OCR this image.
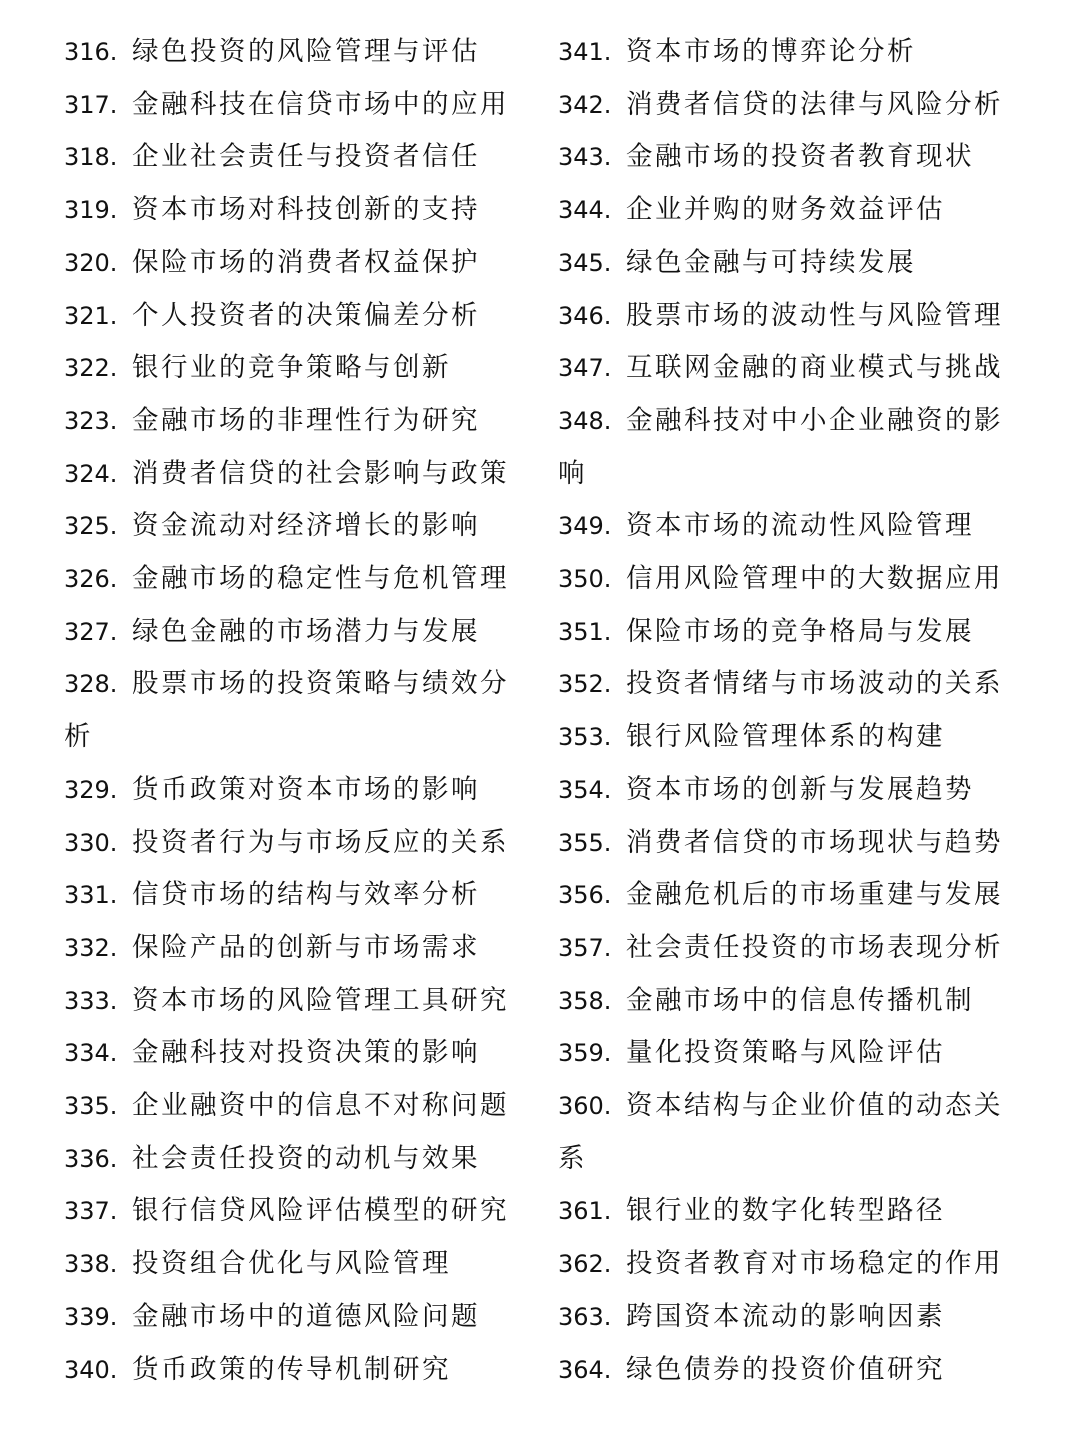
316. 绿色投资的风险管理与评估
317. 金融科技在信贷市场中的应用
318. 企业社会责任与投资者信任
319. 资本市场对科技创新的支持
320. 保险市场的消费者权益保护
321. 个人投资者的决策偏差分析
322. 银行业的竞争策略与创新
323. 金融市场的非理性行为研究
324. 消费者信贷的社会影响与政策
325. 资金流动对经济增长的影响
326. 金融市场的稳定性与危机管理
327. 绿色金融的市场潜力与发展
328. 股票市场的投资策略与绩效分析
329. 货币政策对资本市场的影响
330. 投资者行为与市场反应的关系
331. 信贷市场的结构与效率分析
332. 保险产品的创新与市场需求
333. 资本市场的风险管理工具研究
334. 金融科技对投资决策的影响
335. 企业融资中的信息不对称问题
336. 社会责任投资的动机与效果
337. 银行信贷风险评估模型的研究
338. 投资组合优化与风险管理
339. 金融市场中的道德风险问题
340. 货币政策的传导机制研究
341. 资本市场的博弈论分析
342. 消费者信贷的法律与风险分析
343. 金融市场的投资者教育现状
344. 企业并购的财务效益评估
345. 绿色金融与可持续发展
346. 股票市场的波动性与风险管理
347. 互联网金融的商业模式与挑战
348. 金融科技对中小企业融资的影响
349. 资本市场的流动性风险管理
350. 信用风险管理中的大数据应用
351. 保险市场的竞争格局与发展
352. 投资者情绪与市场波动的关系
353. 银行风险管理体系的构建
354. 资本市场的创新与发展趋势
355. 消费者信贷的市场现状与趋势
356. 金融危机后的市场重建与发展
357. 社会责任投资的市场表现分析
358. 金融市场中的信息传播机制
359. 量化投资策略与风险评估
360. 资本结构与企业价值的动态关系
361. 银行业的数字化转型路径
362. 投资者教育对市场稳定的作用
363. 跨国资本流动的影响因素
364. 绿色债券的投资价值研究
